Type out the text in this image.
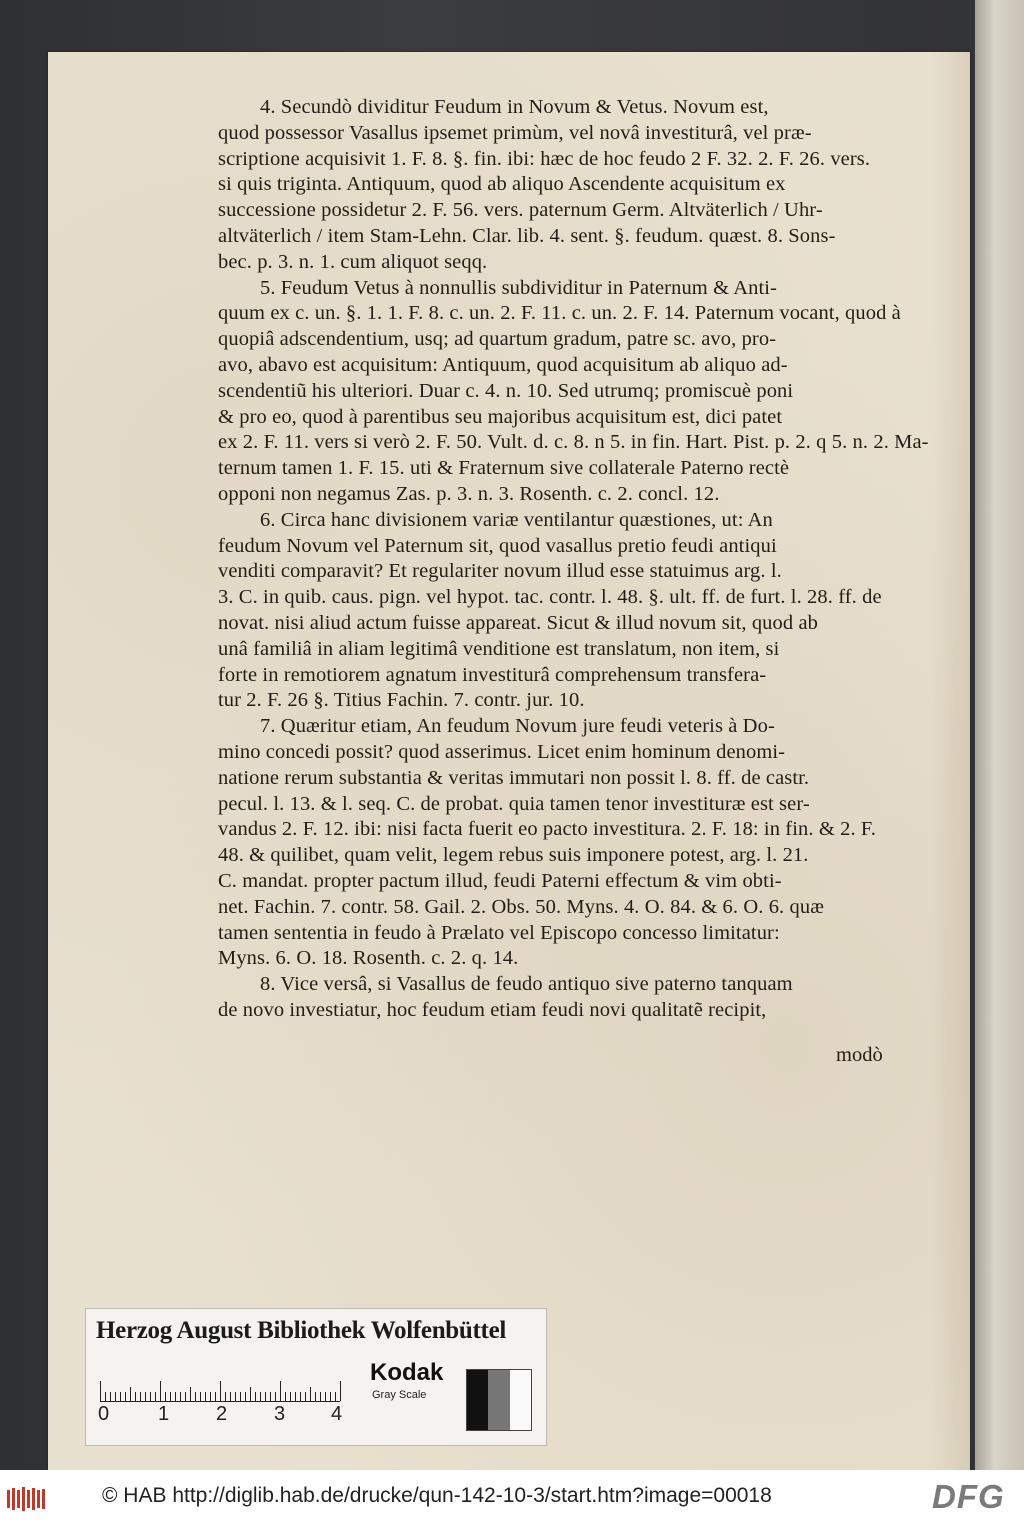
4. Secundò dividitur Feudum in Novum & Vetus. Novum est,
quod possessor Vasallus ipsemet primùm, vel novâ investiturâ, vel præ-
scriptione acquisivit 1. F. 8. §. fin. ibi: hæc de hoc feudo 2 F. 32. 2. F. 26. vers.
si quis triginta. Antiquum, quod ab aliquo Ascendente acquisitum ex
successione possidetur 2. F. 56. vers. paternum Germ. Altväterlich / Uhr-
altväterlich / item Stam-Lehn. Clar. lib. 4. sent. §. feudum. quæst. 8. Sons-
bec. p. 3. n. 1. cum aliquot seqq.
5. Feudum Vetus à nonnullis subdividitur in Paternum & Anti-
quum ex c. un. §. 1. 1. F. 8. c. un. 2. F. 11. c. un. 2. F. 14. Paternum vocant, quod à
quopiâ adscendentium, usq; ad quartum gradum, patre sc. avo, pro-
avo, abavo est acquisitum: Antiquum, quod acquisitum ab aliquo ad-
scendentiũ his ulteriori. Duar c. 4. n. 10. Sed utrumq; promiscuè poni
& pro eo, quod à parentibus seu majoribus acquisitum est, dici patet
ex 2. F. 11. vers si verò 2. F. 50. Vult. d. c. 8. n 5. in fin. Hart. Pist. p. 2. q 5. n. 2. Ma-
ternum tamen 1. F. 15. uti & Fraternum sive collaterale Paterno rectè
opponi non negamus Zas. p. 3. n. 3. Rosenth. c. 2. concl. 12.
6. Circa hanc divisionem variæ ventilantur quæstiones, ut: An
feudum Novum vel Paternum sit, quod vasallus pretio feudi antiqui
venditi comparavit? Et regulariter novum illud esse statuimus arg. l.
3. C. in quib. caus. pign. vel hypot. tac. contr. l. 48. §. ult. ff. de furt. l. 28. ff. de
novat. nisi aliud actum fuisse appareat. Sicut & illud novum sit, quod ab
unâ familiâ in aliam legitimâ venditione est translatum, non item, si
forte in remotiorem agnatum investiturâ comprehensum transfera-
tur 2. F. 26 §. Titius Fachin. 7. contr. jur. 10.
7. Quæritur etiam, An feudum Novum jure feudi veteris à Do-
mino concedi possit? quod asserimus. Licet enim hominum denomi-
natione rerum substantia & veritas immutari non possit l. 8. ff. de castr.
pecul. l. 13. & l. seq. C. de probat. quia tamen tenor investituræ est ser-
vandus 2. F. 12. ibi: nisi facta fuerit eo pacto investitura. 2. F. 18: in fin. & 2. F.
48. & quilibet, quam velit, legem rebus suis imponere potest, arg. l. 21.
C. mandat. propter pactum illud, feudi Paterni effectum & vim obti-
net. Fachin. 7. contr. 58. Gail. 2. Obs. 50. Myns. 4. O. 84. & 6. O. 6. quæ
tamen sententia in feudo à Prælato vel Episcopo concesso limitatur:
Myns. 6. O. 18. Rosenth. c. 2. q. 14.
8. Vice versâ, si Vasallus de feudo antiquo sive paterno tanquam
de novo investiatur, hoc feudum etiam feudi novi qualitatẽ recipit,
modò
Herzog August Bibliothek Wolfenbüttel
0 1 2 3 4
Kodak
Gray Scale
© HAB http://diglib.hab.de/drucke/qun-142-10-3/start.htm?image=00018	DFG
